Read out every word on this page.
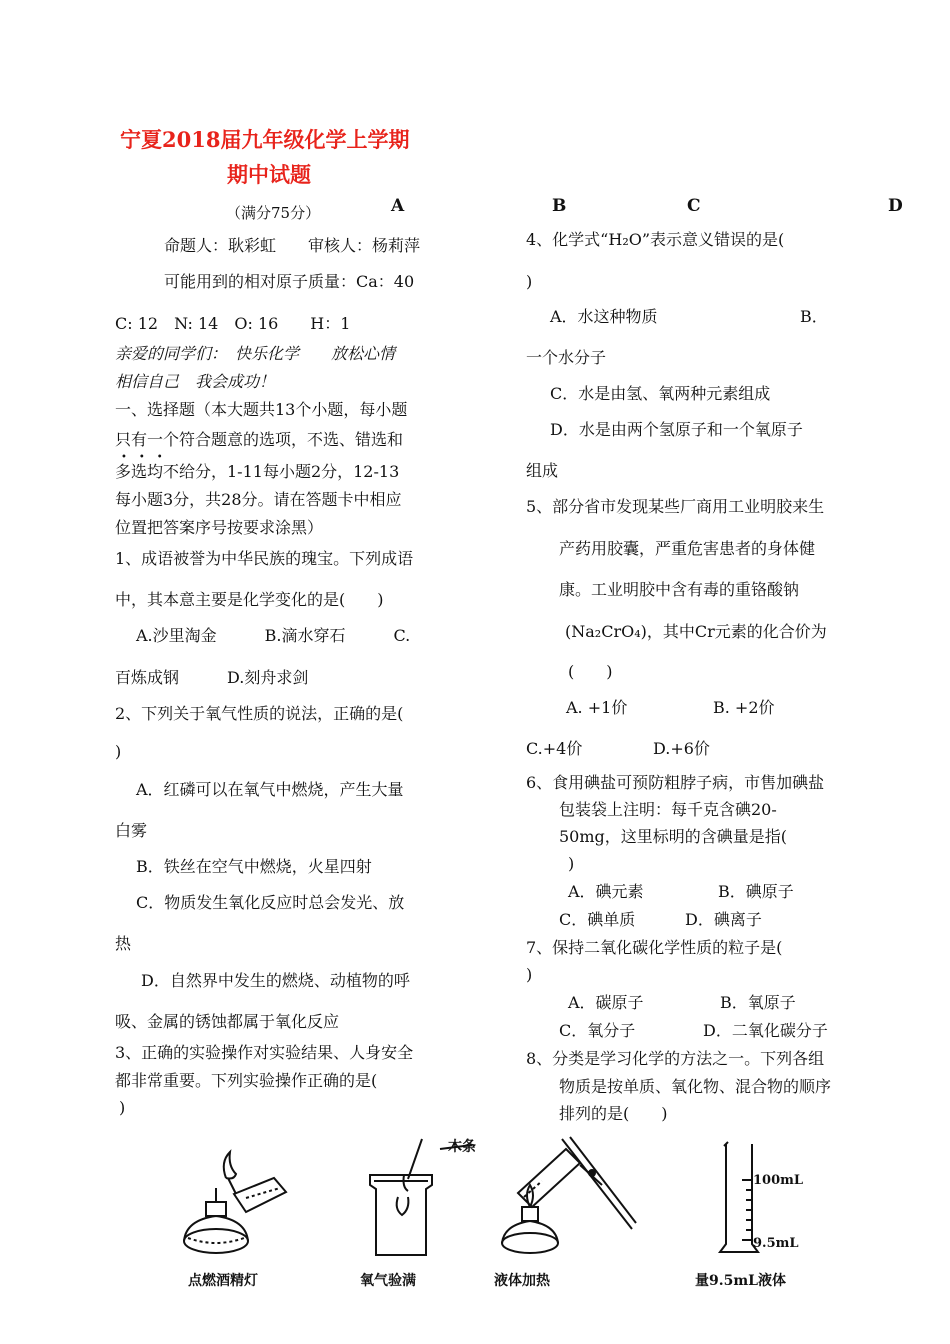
宁夏2018届九年级化学上学期
期中试题
A	B	C	D
（满分75分）
命题人：耿彩虹　　审核人：杨莉萍
可能用到的相对原子质量：Ca：40
C: 12　N: 14　O: 16　　H：1
亲爱的同学们：　快乐化学　　放松心情
相信自己　我会成功！
一、选择题（本大题共13个小题，每小题
只有一个符合题意的选项，不选、错选和
•••
多选均不给分，1-11每小题2分，12-13
每小题3分，共28分。请在答题卡中相应
位置把答案序号按要求涂黑）
1、成语被誉为中华民族的瑰宝。下列成语
中，其本意主要是化学变化的是(　　)
A.沙里淘金　　　B.滴水穿石　　　C.
百炼成钢　　　D.刻舟求剑
2、下列关于氧气性质的说法，正确的是(
)
A．红磷可以在氧气中燃烧，产生大量
白雾
B．铁丝在空气中燃烧，火星四射
C．物质发生氧化反应时总会发光、放
热
D．自然界中发生的燃烧、动植物的呼
吸、金属的锈蚀都属于氧化反应
3、正确的实验操作对实验结果、人身安全
都非常重要。下列实验操作正确的是(
)
4、化学式“H₂O”表示意义错误的是(
)
A．水这种物质	B．
一个水分子
C．水是由氢、氧两种元素组成
D．水是由两个氢原子和一个氧原子
组成
5、部分省市发现某些厂商用工业明胶来生
产药用胶囊，严重危害患者的身体健
康。工业明胶中含有毒的重铬酸钠
(Na₂CrO₄)，其中Cr元素的化合价为
(　　)
A. +1价	B. +2价
C.+4价	D.+6价
6、食用碘盐可预防粗脖子病，市售加碘盐
包装袋上注明：每千克含碘20-
50mg，这里标明的含碘量是指(
)
A．碘元素	B．碘原子
C．碘单质	D．碘离子
7、保持二氧化碳化学性质的粒子是(
)
A．碳原子	B．氧原子
C．氧分子	D．二氧化碳分子
8、分类是学习化学的方法之一。下列各组
物质是按单质、氧化物、混合物的顺序
排列的是(　　)
点燃酒精灯
木条
氧气验满	液体加热
100mL
9.5mL
量9.5mL液体
